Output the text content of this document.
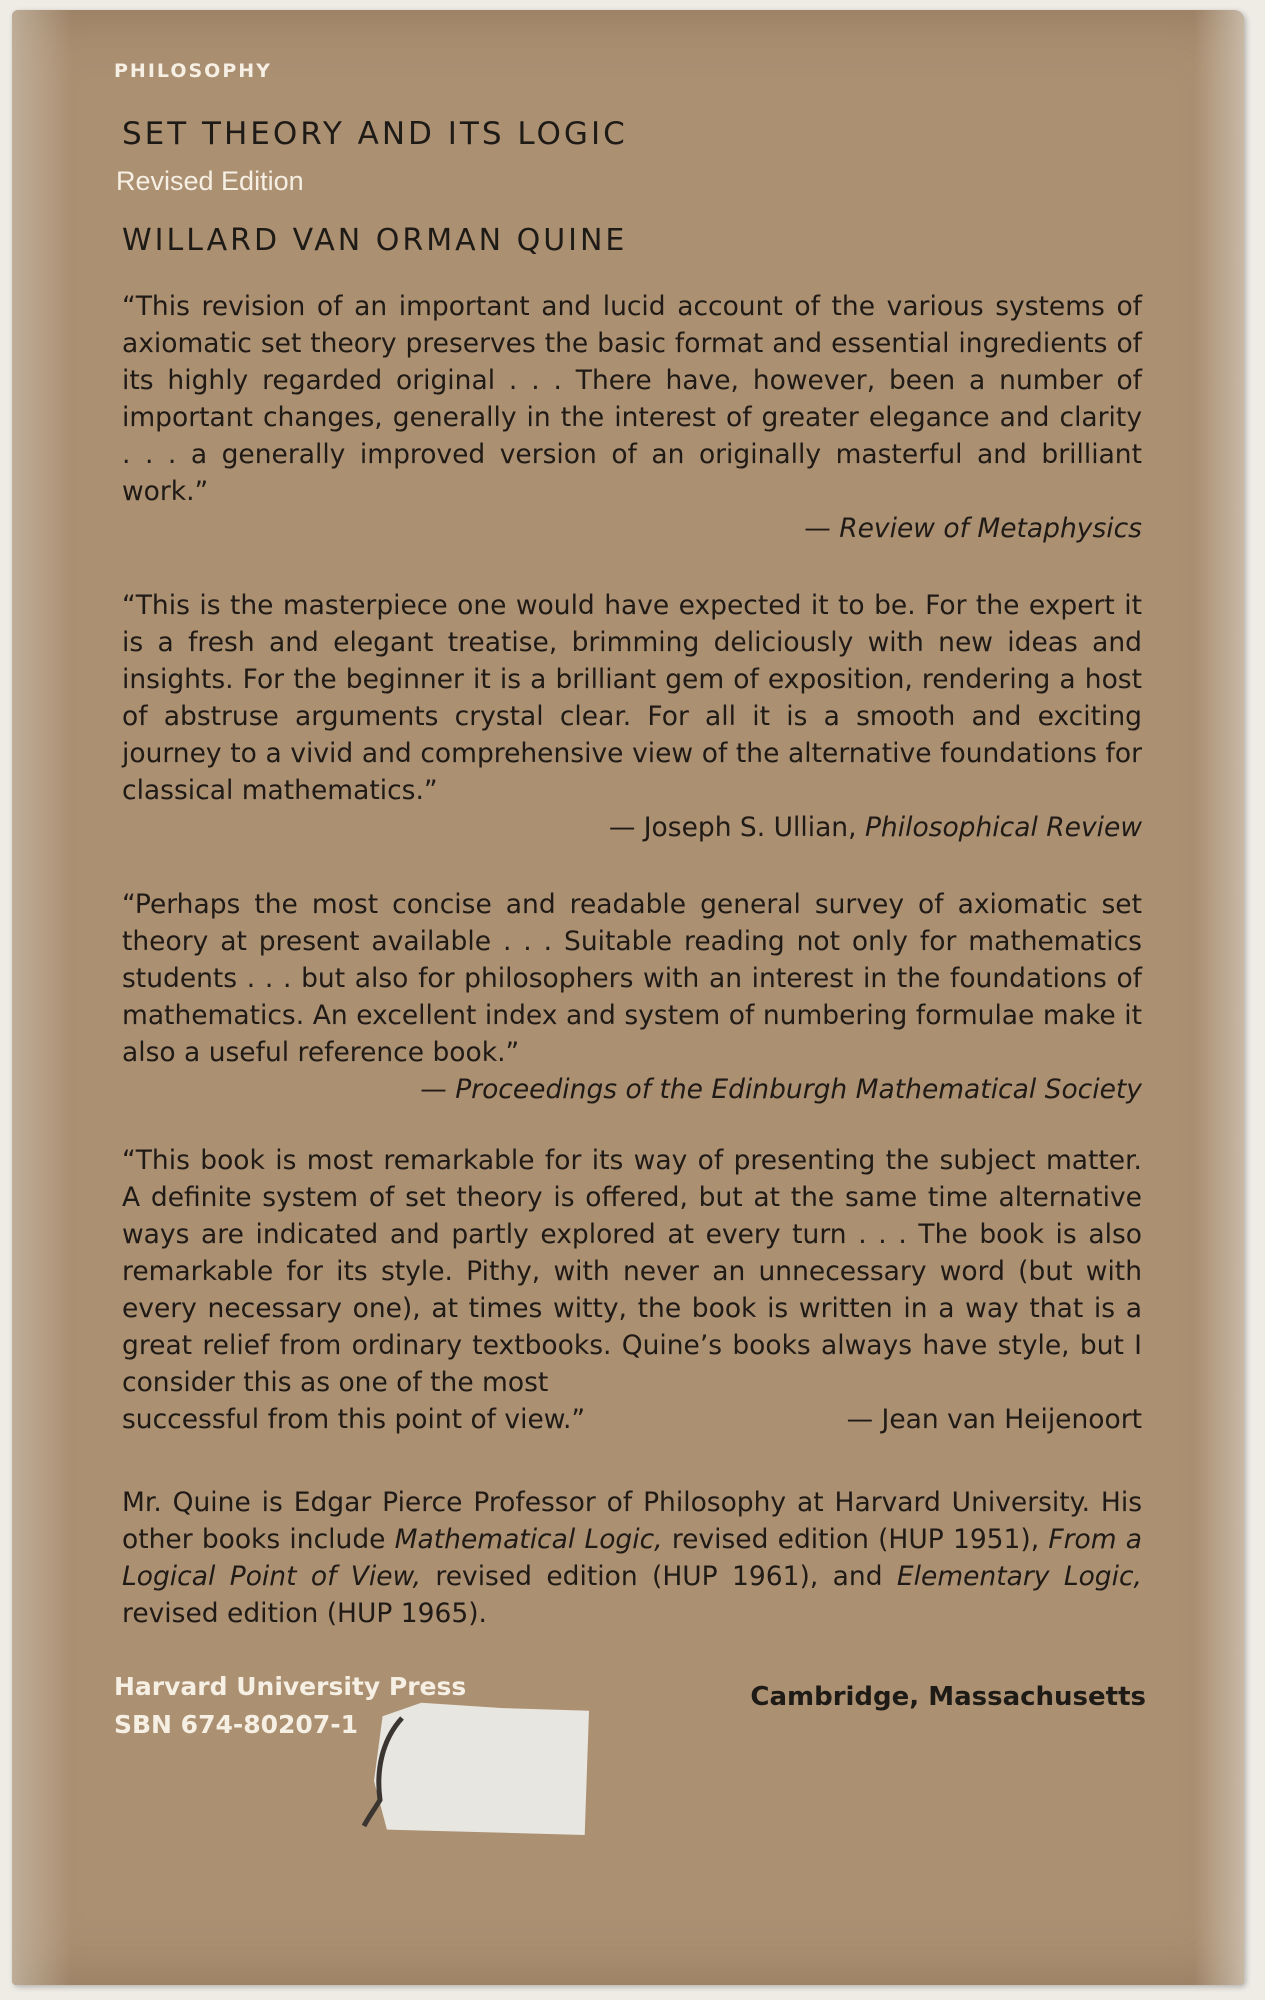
PHILOSOPHY
SET THEORY AND ITS LOGIC
Revised Edition
WILLARD VAN ORMAN QUINE

“This revision of an important and lucid account of the various systems of axiomatic set theory preserves the basic format and essential ingredients of its highly regarded original . . . There have, however, been a number of important changes, generally in the interest of greater elegance and clarity . . . a generally improved version of an originally masterful and brilliant work.”

— Review of Metaphysics

“This is the masterpiece one would have expected it to be. For the expert it is a fresh and elegant treatise, brimming deliciously with new ideas and insights. For the beginner it is a brilliant gem of exposition, rendering a host of abstruse arguments crystal clear. For all it is a smooth and exciting journey to a vivid and comprehensive view of the alternative foundations for classical mathematics.”

— Joseph S. Ullian, Philosophical Review

“Perhaps the most concise and readable general survey of axiomatic set theory at present available . . . Suitable reading not only for mathematics students . . . but also for philosophers with an interest in the foundations of mathematics. An excellent index and system of numbering formulae make it also a useful reference book.”

— Proceedings of the Edinburgh Mathematical Society

“This book is most remarkable for its way of presenting the subject matter. A definite system of set theory is offered, but at the same time alternative ways are indicated and partly explored at every turn . . . The book is also remarkable for its style. Pithy, with never an unnecessary word (but with every necessary one), at times witty, the book is written in a way that is a great relief from ordinary textbooks. Quine’s books always have style, but I consider this as one of the most

successful from this point of view.”	— Jean van Heijenoort
Mr. Quine is Edgar Pierce Professor of Philosophy at Harvard University. His other books include Mathematical Logic, revised edition (HUP 1951), From a Logical Point of View, revised edition (HUP 1961), and Elementary Logic, revised edition (HUP 1965).
Harvard University Press
SBN 674-80207-1
Cambridge, Massachusetts
